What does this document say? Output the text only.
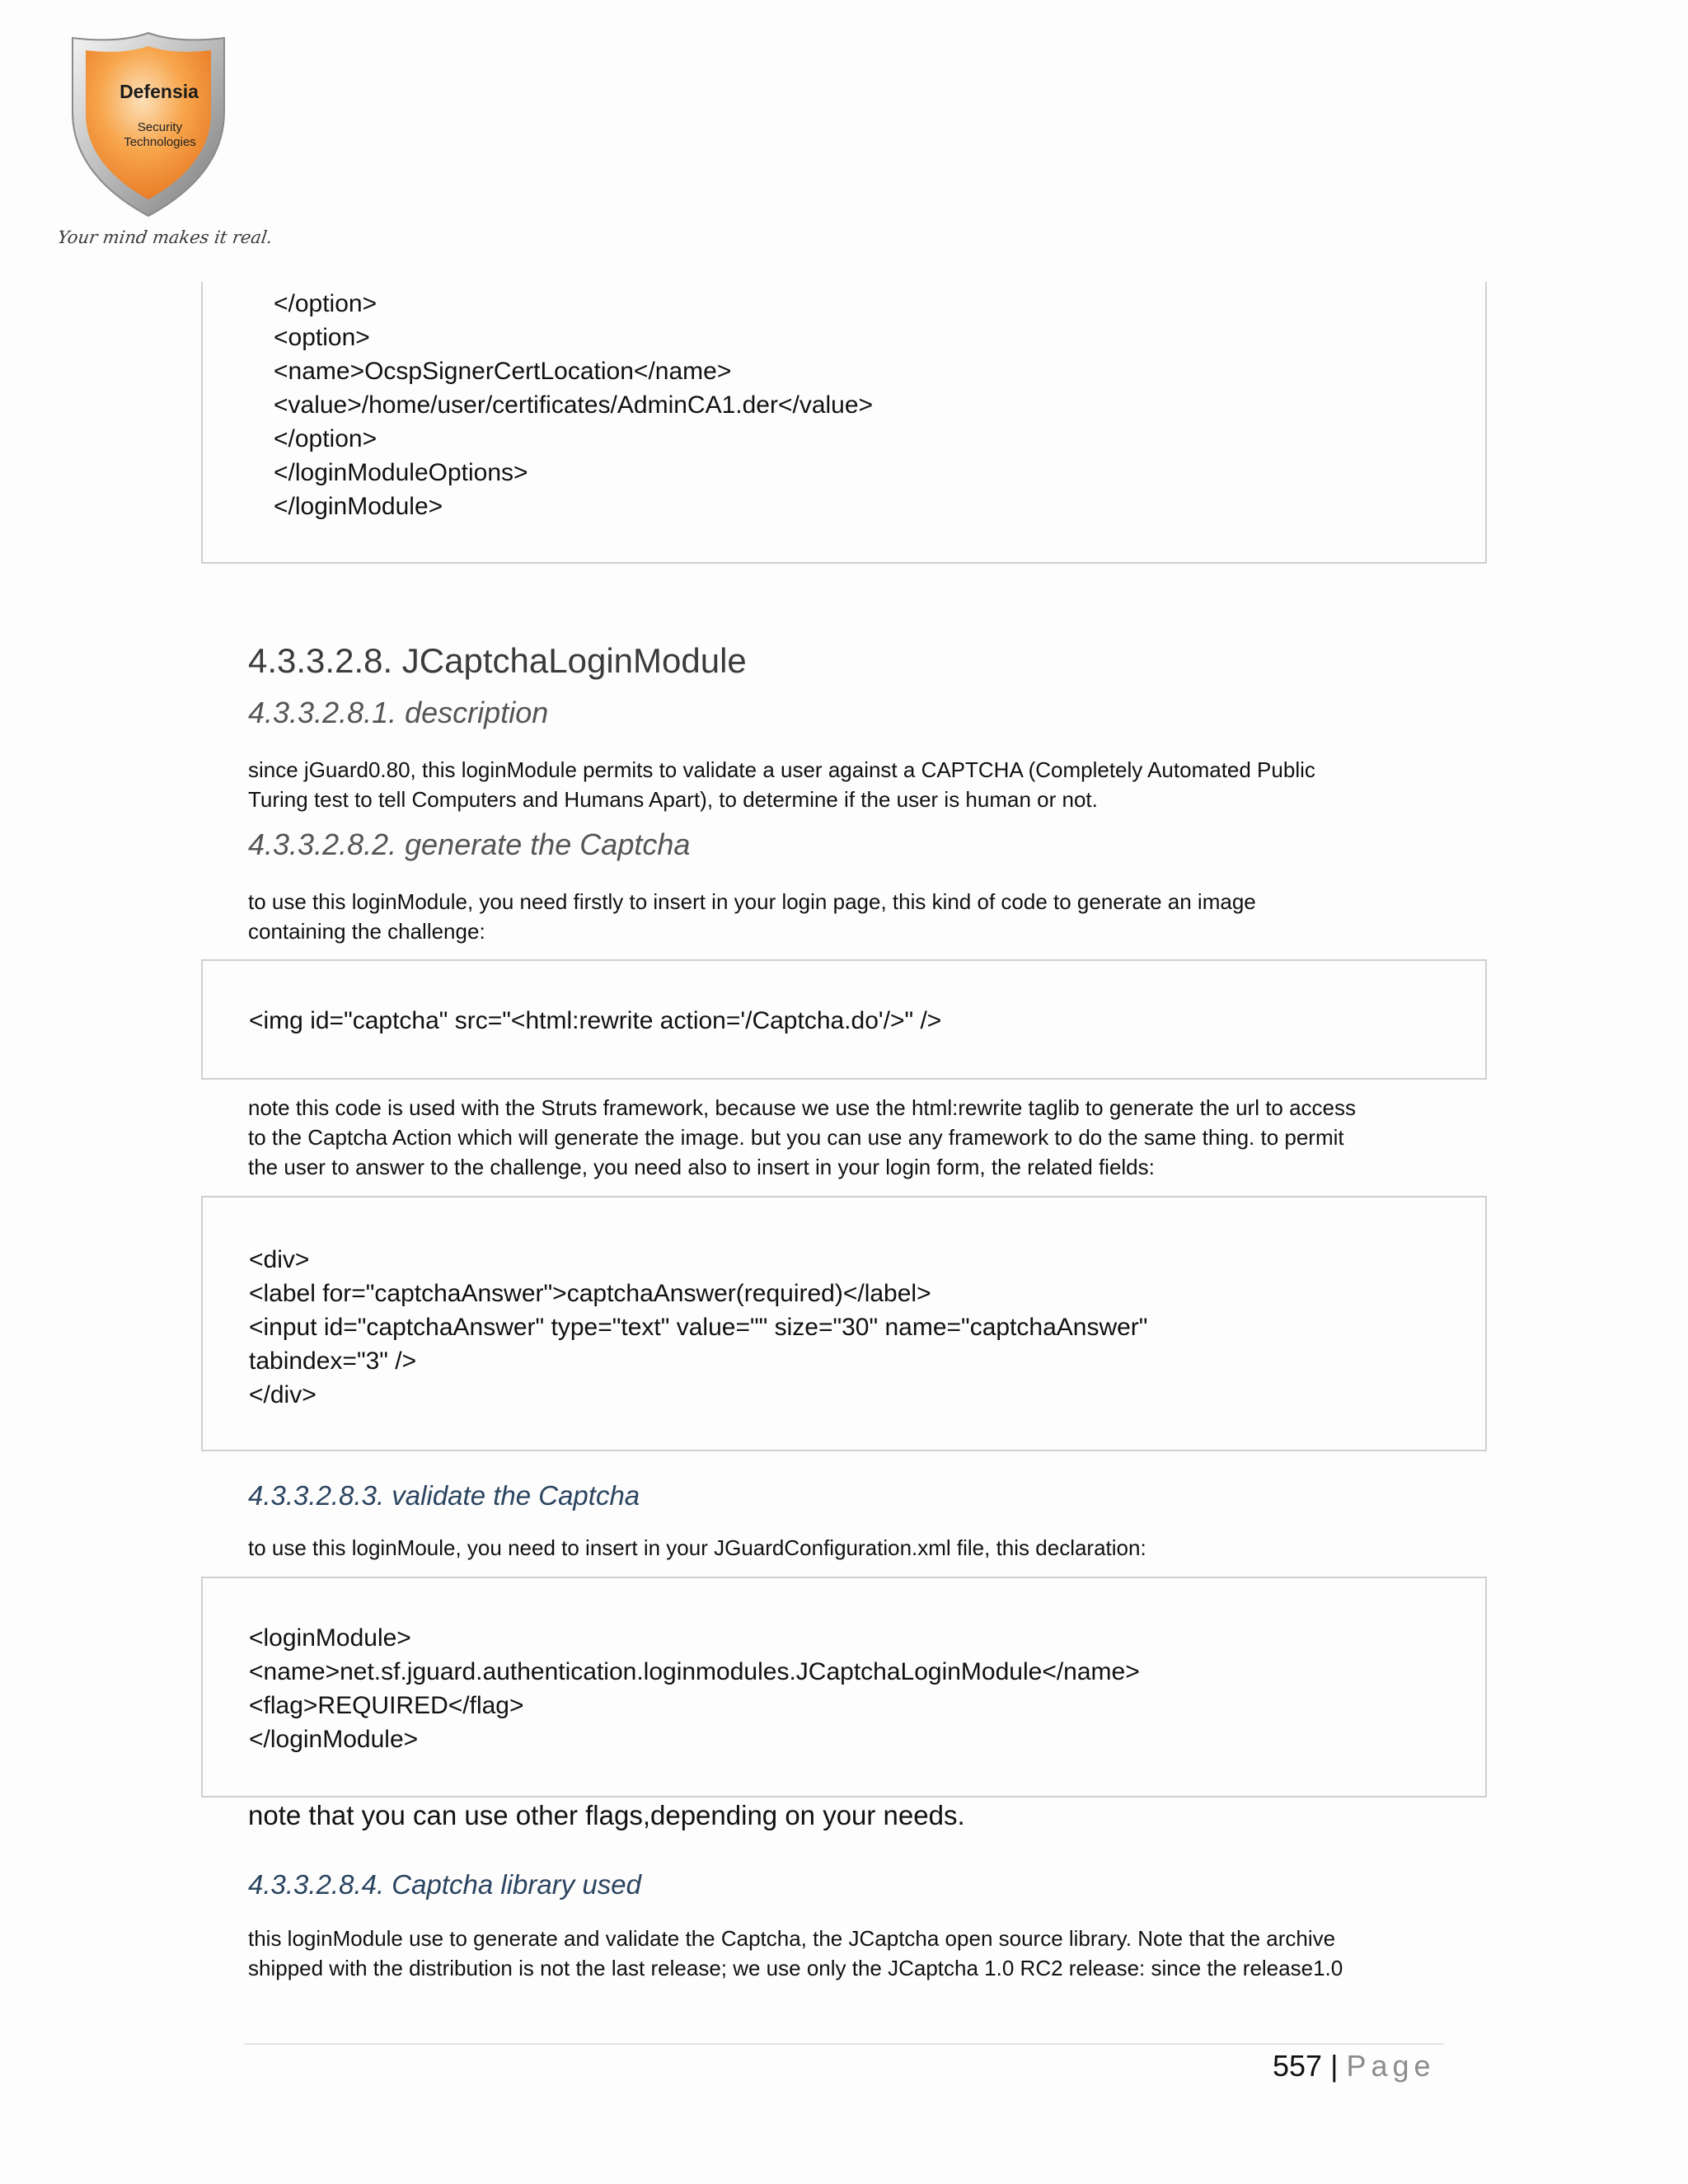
Defensia
Security
Technologies
Your mind makes it real.

</option>

<option>

<name>OcspSignerCertLocation</name>

<value>/home/user/certificates/AdminCA1.der</value>

</option>

</loginModuleOptions>

</loginModule>

4.3.3.2.8. JCaptchaLoginModule
4.3.3.2.8.1. description

since jGuard0.80, this loginModule permits to validate a user against a CAPTCHA (Completely Automated Public

Turing test to tell Computers and Humans Apart), to determine if the user is human or not.

4.3.3.2.8.2. generate the Captcha

to use this loginModule, you need firstly to insert in your login page, this kind of code to generate an image

containing the challenge:

<img id="captcha" src="<html:rewrite action='/Captcha.do'/>" />

note this code is used with the Struts framework, because we use the html:rewrite taglib to generate the url to access

to the Captcha Action which will generate the image. but you can use any framework to do the same thing. to permit

the user to answer to the challenge, you need also to insert in your login form, the related fields:

<div>

<label for="captchaAnswer">captchaAnswer(required)</label>

<input id="captchaAnswer" type="text" value="" size="30" name="captchaAnswer"

tabindex="3" />

</div>

4.3.3.2.8.3. validate the Captcha

to use this loginMoule, you need to insert in your JGuardConfiguration.xml file, this declaration:

<loginModule>

<name>net.sf.jguard.authentication.loginmodules.JCaptchaLoginModule</name>

<flag>REQUIRED</flag>

</loginModule>

note that you can use other flags,depending on your needs.
4.3.3.2.8.4. Captcha library used

this loginModule use to generate and validate the Captcha, the JCaptcha open source library. Note that the archive

shipped with the distribution is not the last release; we use only the JCaptcha 1.0 RC2 release: since the release1.0

557 | Page
